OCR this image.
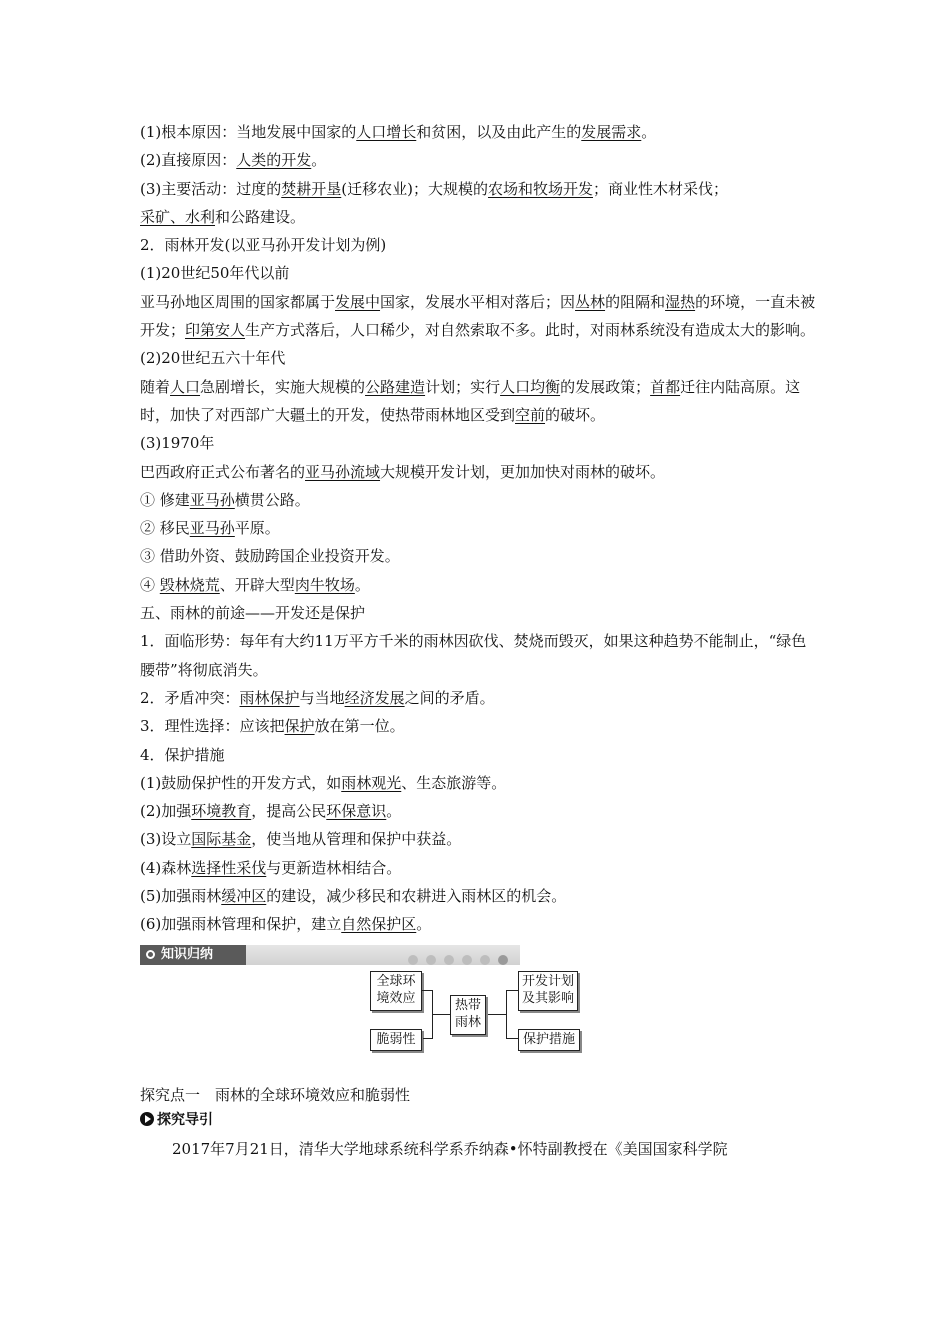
(1)根本原因：当地发展中国家的人口增长和贫困，以及由此产生的发展需求。
(2)直接原因：人类的开发。
(3)主要活动：过度的焚耕开垦(迁移农业)；大规模的农场和牧场开发；商业性木材采伐；
采矿、水利和公路建设。
2．雨林开发(以亚马孙开发计划为例)
(1)20世纪50年代以前
亚马孙地区周围的国家都属于发展中国家，发展水平相对落后；因丛林的阻隔和湿热的环境，一直未被开发；印第安人生产方式落后，人口稀少，对自然索取不多。此时，对雨林系统没有造成太大的影响。
(2)20世纪五六十年代
随着人口急剧增长，实施大规模的公路建造计划；实行人口均衡的发展政策；首都迁往内陆高原。这时，加快了对西部广大疆土的开发，使热带雨林地区受到空前的破坏。
(3)1970年
巴西政府正式公布著名的亚马孙流域大规模开发计划，更加加快对雨林的破坏。
① 修建亚马孙横贯公路。
② 移民亚马孙平原。
③ 借助外资、鼓励跨国企业投资开发。
④ 毁林烧荒、开辟大型肉牛牧场。
五、雨林的前途——开发还是保护
1．面临形势：每年有大约11万平方千米的雨林因砍伐、焚烧而毁灭，如果这种趋势不能制止，“绿色腰带”将彻底消失。
2．矛盾冲突：雨林保护与当地经济发展之间的矛盾。
3．理性选择：应该把保护放在第一位。
4．保护措施
(1)鼓励保护性的开发方式，如雨林观光、生态旅游等。
(2)加强环境教育，提高公民环保意识。
(3)设立国际基金，使当地从管理和保护中获益。
(4)森林选择性采伐与更新造林相结合。
(5)加强雨林缓冲区的建设，减少移民和农耕进入雨林区的机会。
(6)加强雨林管理和保护，建立自然保护区。
知识归纳
全球环境效应
脆弱性
热带雨林
开发计划及其影响
保护措施
探究点一　雨林的全球环境效应和脆弱性
探究导引
2017年7月21日，清华大学地球系统科学系乔纳森•怀特副教授在《美国国家科学院
